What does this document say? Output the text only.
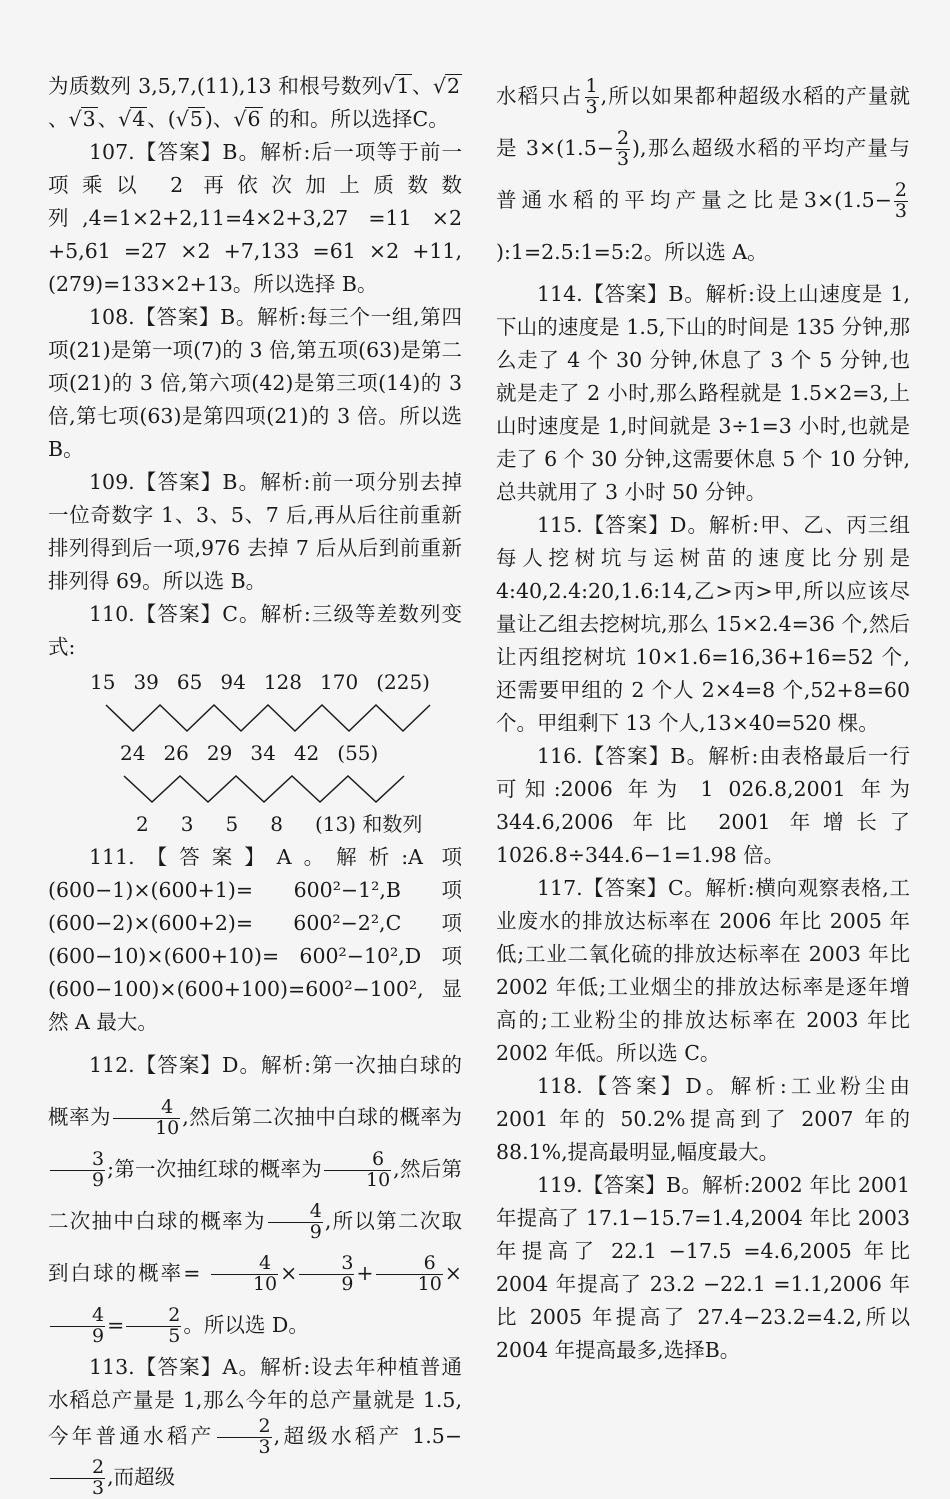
为质数列 3,5,7,(11),13 和根号数列√1、√2、√3、√4、(√5)、√6 的和。所以选择C。

107.【答案】B。解析:后一项等于前一项乘以 2 再依次加上质数数列,4=1×2+2,11=4×2+3,27 =11 ×2 +5,61 =27 ×2 +7,133 =61 ×2 +11,(279)=133×2+13。所以选择 B。

108.【答案】B。解析:每三个一组,第四项(21)是第一项(7)的 3 倍,第五项(63)是第二项(21)的 3 倍,第六项(42)是第三项(14)的 3 倍,第七项(63)是第四项(21)的 3 倍。所以选 B。

109.【答案】B。解析:前一项分别去掉一位奇数字 1、3、5、7 后,再从后往前重新排列得到后一项,976 去掉 7 后从后到前重新排列得 69。所以选 B。

110.【答案】C。解析:三级等差数列变式:

15 39 65 94 128 170 (225)
24 26 29 34 42 (55)
2 3 5 8 (13) 和数列

111.【答案】A。解析:A 项(600−1)×(600+1)= 600²−1²,B 项(600−2)×(600+2)= 600²−2²,C 项(600−10)×(600+10)= 600²−10²,D 项(600−100)×(600+100)=600²−100²,显然 A 最大。

112.【答案】D。解析:第一次抽白球的概率为 $\frac{4}{10}$ ,然后第二次抽中白球的概率为
$\frac{3}{9}$ ;第一次抽红球的概率为 $\frac{6}{10}$ ,然后第二次抽中白球的概率为 $\frac{4}{9}$ ,所以第二次取到白球的概率= $\frac{4}{10} \times \frac{3}{9} + \frac{6}{10}$ ×
$\frac{4}{9} = \frac{2}{5}$ 。所以选 D。

113.【答案】A。解析:设去年种植普通水稻总产量是 1,那么今年的总产量就是 1.5,今年普通水稻产 $\frac{2}{3}$ ,超级水稻产 1.5−
$\frac{2}{3}$ ,而超级

水稻只占 $\frac{1}{3}$ ,所以如果都种超级水稻的产量就是 $3\times(1.5- \frac{2}{3}$ ),那么超级水稻的平均产量与普通水稻的平均产量之比是$3\times(1.5- \frac{2}{3}$
):1=2.5:1=5:2。所以选 A。

114.【答案】B。解析:设上山速度是 1,下山的速度是 1.5,下山的时间是 135 分钟,那么走了 4 个 30 分钟,休息了 3 个 5 分钟,也就是走了 2 小时,那么路程就是 1.5×2=3,上山时速度是 1,时间就是 3÷1=3 小时,也就是走了 6 个 30 分钟,这需要休息 5 个 10 分钟,总共就用了 3 小时 50 分钟。

115.【答案】D。解析:甲、乙、丙三组每人挖树坑与运树苗的速度比分别是 4:40,2.4:20,1.6:14,乙>丙>甲,所以应该尽量让乙组去挖树坑,那么 15×2.4=36 个,然后让丙组挖树坑 10×1.6=16,36+16=52 个,还需要甲组的 2 个人 2×4=8 个,52+8=60 个。甲组剩下 13 个人,13×40=520 棵。

116.【答案】B。解析:由表格最后一行可知:2006 年为 1 026.8,2001 年为 344.6,2006 年比 2001 年增长了 1026.8÷344.6−1=1.98 倍。

117.【答案】C。解析:横向观察表格,工业废水的排放达标率在 2006 年比 2005 年低;工业二氧化硫的排放达标率在 2003 年比 2002 年低;工业烟尘的排放达标率是逐年增高的;工业粉尘的排放达标率在 2003 年比 2002 年低。所以选 C。

118.【答案】D。解析:工业粉尘由 2001 年的 50.2%提高到了 2007 年的 88.1%,提高最明显,幅度最大。

119.【答案】B。解析:2002 年比 2001 年提高了 17.1−15.7=1.4,2004 年比 2003 年提高了 22.1 −17.5 =4.6,2005 年比 2004 年提高了 23.2 −22.1 =1.1,2006 年比 2005 年提高了 27.4−23.2=4.2,所以 2004 年提高最多,选择B。
